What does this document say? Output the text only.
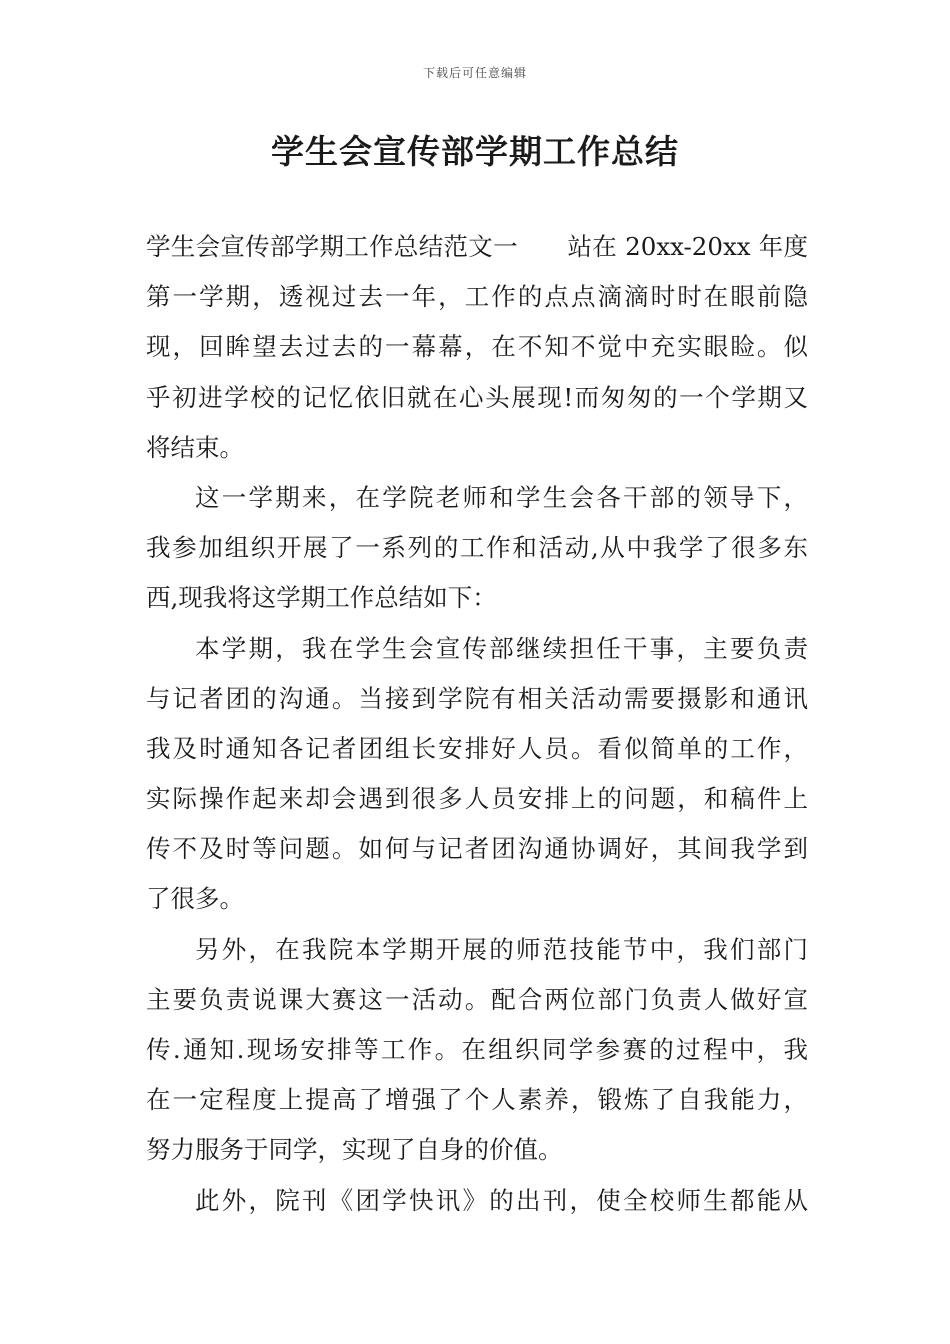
下载后可任意编辑
学生会宣传部学期工作总结
学生会宣传部学期工作总结范文一　　站在 20xx-20xx 年度
第一学期，透视过去一年，工作的点点滴滴时时在眼前隐
现，回眸望去过去的一幕幕，在不知不觉中充实眼睑。似
乎初进学校的记忆依旧就在心头展现!而匆匆的一个学期又
将结束。
这一学期来，在学院老师和学生会各干部的领导下，
我参加组织开展了一系列的工作和活动,从中我学了很多东
西,现我将这学期工作总结如下：
本学期，我在学生会宣传部继续担任干事，主要负责
与记者团的沟通。当接到学院有相关活动需要摄影和通讯
我及时通知各记者团组长安排好人员。看似简单的工作，
实际操作起来却会遇到很多人员安排上的问题，和稿件上
传不及时等问题。如何与记者团沟通协调好，其间我学到
了很多。
另外，在我院本学期开展的师范技能节中，我们部门
主要负责说课大赛这一活动。配合两位部门负责人做好宣
传.通知.现场安排等工作。在组织同学参赛的过程中，我
在一定程度上提高了增强了个人素养，锻炼了自我能力，
努力服务于同学，实现了自身的价值。
此外，院刊《团学快讯》的出刊，使全校师生都能从
